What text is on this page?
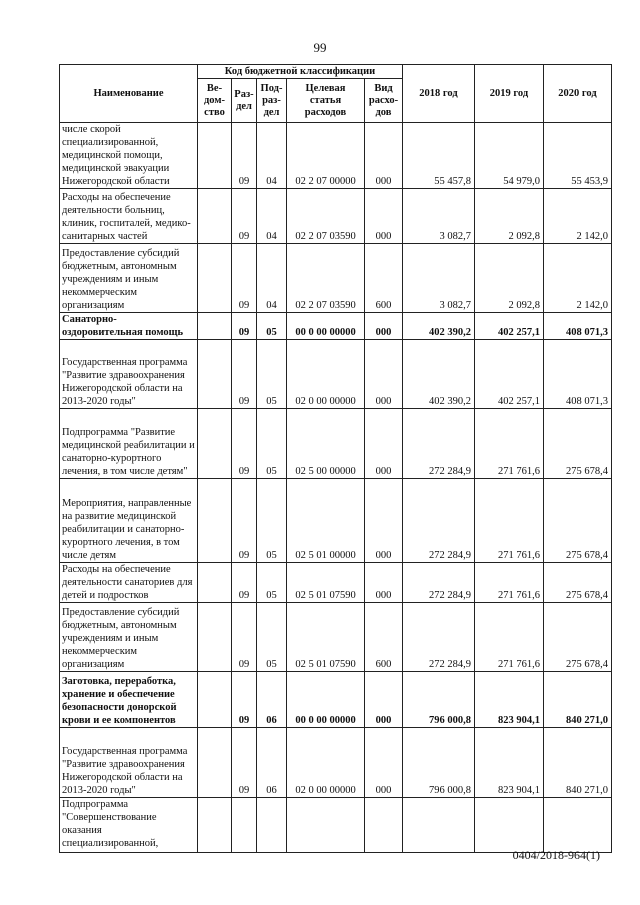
99
Наименование	Код бюджетной классификации					2018 год	2019 год	2020 год
	Ве-дом-ство	Раз-дел	Под-раз-дел	Целевая статья расходов	Вид расхо-дов			
числе скорой специализированной, медицинской помощи, медицинской эвакуации Нижегородской области		09	04	02 2 07 00000	000	55 457,8	54 979,0	55 453,9
Расходы на обеспечение деятельности больниц, клиник, госпиталей, медико-санитарных частей		09	04	02 2 07 03590	000	3 082,7	2 092,8	2 142,0
Предоставление субсидий бюджетным, автономным учреждениям и иным некоммерческим организациям		09	04	02 2 07 03590	600	3 082,7	2 092,8	2 142,0
Санаторно-оздоровительная помощь		09	05	00 0 00 00000	000	402 390,2	402 257,1	408 071,3
Государственная программа "Развитие здравоохранения Нижегородской области на 2013-2020 годы"		09	05	02 0 00 00000	000	402 390,2	402 257,1	408 071,3
Подпрограмма "Развитие медицинской реабилитации и санаторно-курортного лечения, в том числе детям"		09	05	02 5 00 00000	000	272 284,9	271 761,6	275 678,4
Мероприятия, направленные на развитие медицинской реабилитации и санаторно-курортного лечения, в том числе детям		09	05	02 5 01 00000	000	272 284,9	271 761,6	275 678,4
Расходы на обеспечение деятельности санаториев для детей и подростков		09	05	02 5 01 07590	000	272 284,9	271 761,6	275 678,4
Предоставление субсидий бюджетным, автономным учреждениям и иным некоммерческим организациям		09	05	02 5 01 07590	600	272 284,9	271 761,6	275 678,4
Заготовка, переработка, хранение и обеспечение безопасности донорской крови и ее компонентов		09	06	00 0 00 00000	000	796 000,8	823 904,1	840 271,0
Государственная программа "Развитие здравоохранения Нижегородской области на 2013-2020 годы"		09	06	02 0 00 00000	000	796 000,8	823 904,1	840 271,0
Подпрограмма "Совершенствование оказания специализированной,								
0404/2018-964(1)
